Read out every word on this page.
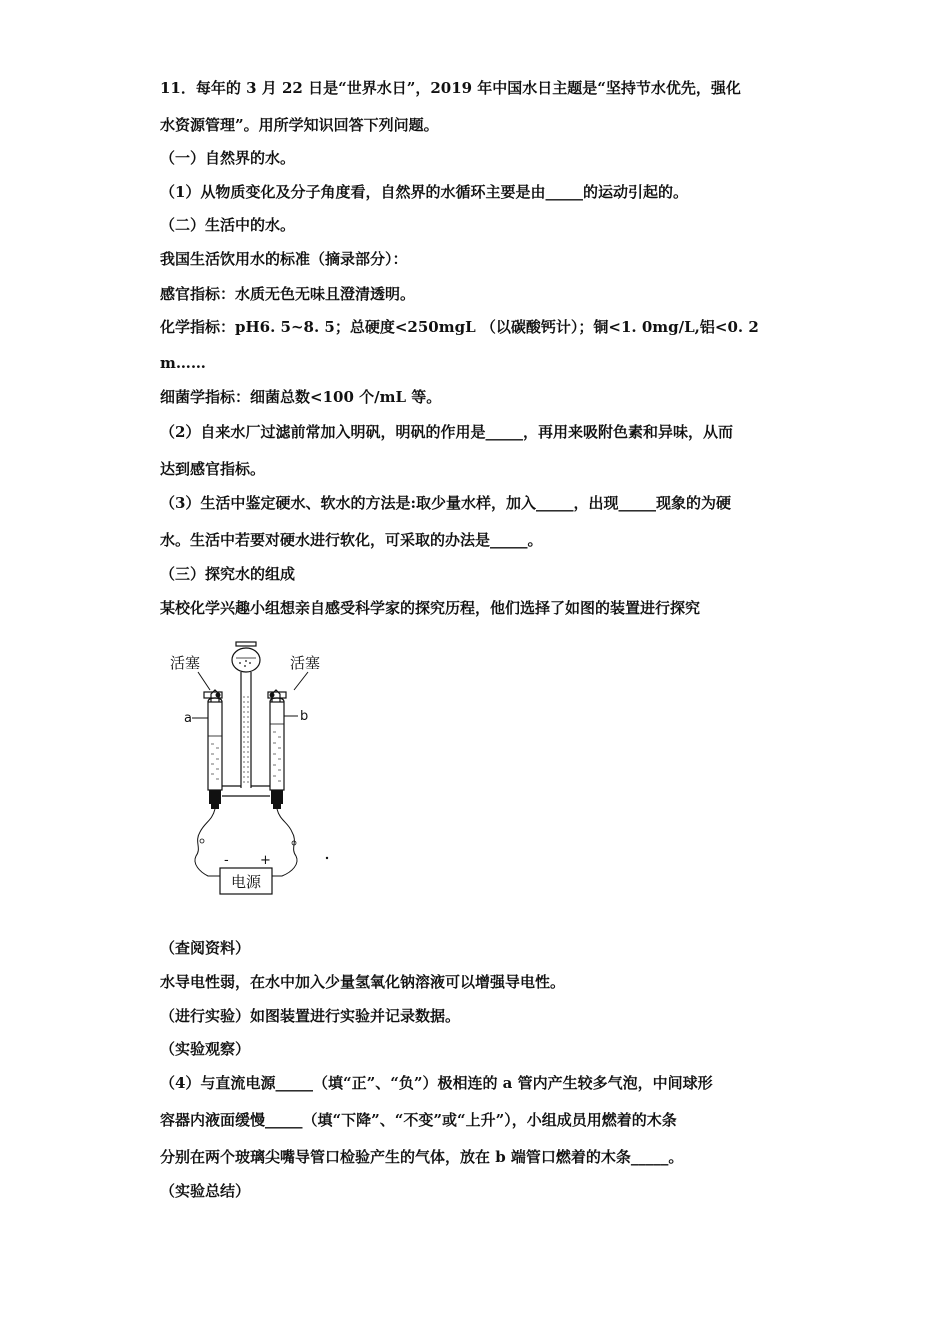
11．每年的 3 月 22 日是“世界水日”，2019 年中国水日主题是“坚持节水优先，强化
水资源管理”。用所学知识回答下列问题。
（一）自然界的水。
（1）从物质变化及分子角度看，自然界的水循环主要是由_____的运动引起的。
（二）生活中的水。
我国生活饮用水的标准（摘录部分）：
感官指标：水质无色无味且澄清透明。
化学指标：pH6. 5~8. 5；总硬度<250mgL （以碳酸钙计）；铜<1. 0mg/L,铝<0. 2
m……
细菌学指标：细菌总数<100 个/mL 等。
（2）自来水厂过滤前常加入明矾，明矾的作用是_____，再用来吸附色素和异味，从而
达到感官指标。
（3）生活中鉴定硬水、软水的方法是:取少量水样，加入_____，出现_____现象的为硬
水。生活中若要对硬水进行软化，可采取的办法是_____。
（三）探究水的组成
某校化学兴趣小组想亲自感受科学家的探究历程，他们选择了如图的装置进行探究
（查阅资料）
水导电性弱，在水中加入少量氢氧化钠溶液可以增强导电性。
（进行实验）如图装置进行实验并记录数据。
（实验观察）
（4）与直流电源_____（填“正”、“负”）极相连的 a 管内产生较多气泡，中间球形
容器内液面缓慢_____（填“下降”、“不变”或“上升”），小组成员用燃着的木条
分别在两个玻璃尖嘴导管口检验产生的气体，放在 b 端管口燃着的木条_____。
（实验总结）
活塞	活塞
a	b
- +
电源
